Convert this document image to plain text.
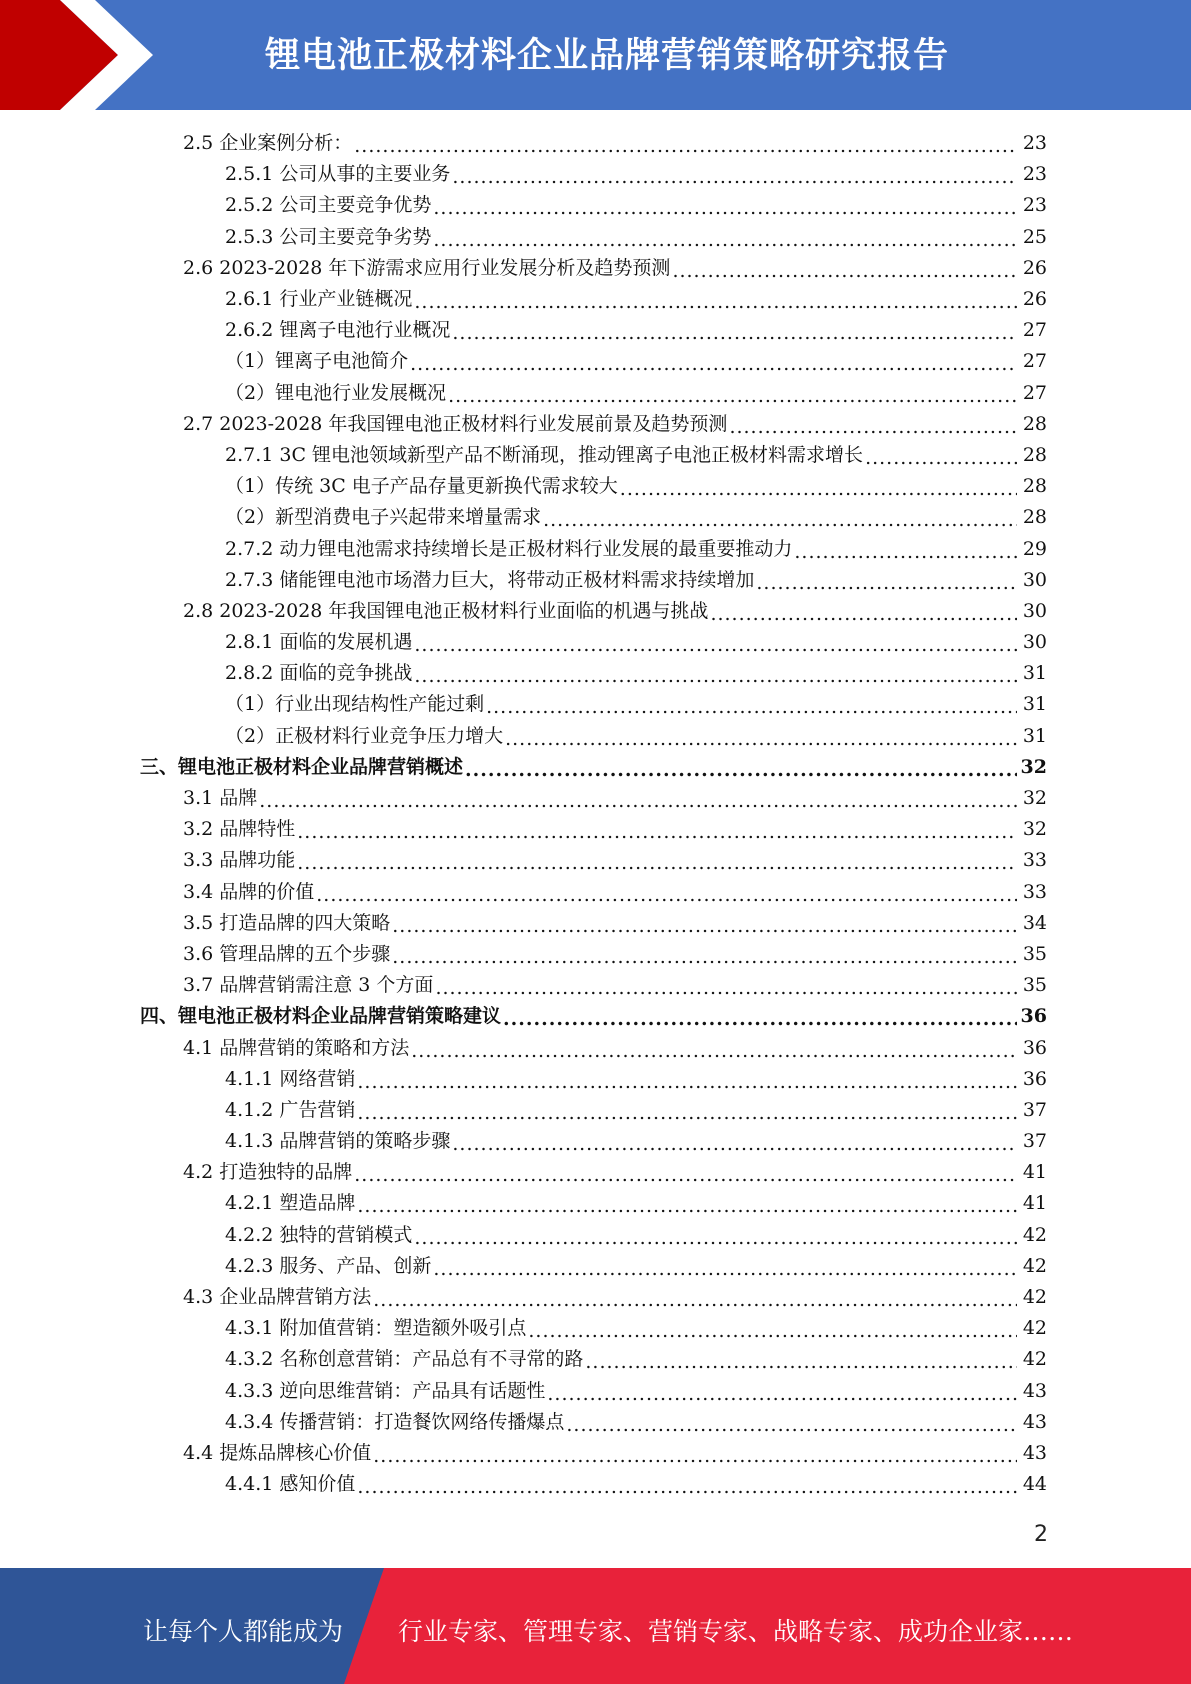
锂电池正极材料企业品牌营销策略研究报告
2.5 企业案例分析： .....	23
2.5.1 公司从事的主要业务 .....	23
2.5.2 公司主要竞争优势 .....	23
2.5.3 公司主要竞争劣势 .....	25
2.6 2023-2028 年下游需求应用行业发展分析及趋势预测 .....	26
2.6.1 行业产业链概况 .....	26
2.6.2 锂离子电池行业概况 .....	27
（1）锂离子电池简介 .....	27
（2）锂电池行业发展概况 .....	27
2.7 2023-2028 年我国锂电池正极材料行业发展前景及趋势预测 .....	28
2.7.1 3C 锂电池领域新型产品不断涌现，推动锂离子电池正极材料需求增长 .....	28
（1）传统 3C 电子产品存量更新换代需求较大 .....	28
（2）新型消费电子兴起带来增量需求 .....	28
2.7.2 动力锂电池需求持续增长是正极材料行业发展的最重要推动力 .....	29
2.7.3 储能锂电池市场潜力巨大，将带动正极材料需求持续增加 .....	30
2.8 2023-2028 年我国锂电池正极材料行业面临的机遇与挑战 .....	30
2.8.1 面临的发展机遇 .....	30
2.8.2 面临的竞争挑战 .....	31
（1）行业出现结构性产能过剩 .....	31
（2）正极材料行业竞争压力增大 .....	31
三、锂电池正极材料企业品牌营销概述 .....	32
3.1 品牌 .....	32
3.2 品牌特性 .....	32
3.3 品牌功能 .....	33
3.4 品牌的价值 .....	33
3.5 打造品牌的四大策略 .....	34
3.6 管理品牌的五个步骤 .....	35
3.7 品牌营销需注意 3 个方面 .....	35
四、锂电池正极材料企业品牌营销策略建议 .....	36
4.1 品牌营销的策略和方法 .....	36
4.1.1 网络营销 .....	36
4.1.2 广告营销 .....	37
4.1.3 品牌营销的策略步骤 .....	37
4.2 打造独特的品牌 .....	41
4.2.1 塑造品牌 .....	41
4.2.2 独特的营销模式 .....	42
4.2.3 服务、产品、创新 .....	42
4.3 企业品牌营销方法 .....	42
4.3.1 附加值营销：塑造额外吸引点 .....	42
4.3.2 名称创意营销：产品总有不寻常的路 .....	42
4.3.3 逆向思维营销：产品具有话题性 .....	43
4.3.4 传播营销：打造餐饮网络传播爆点 .....	43
4.4 提炼品牌核心价值 .....	43
4.4.1 感知价值 .....	44
2
让每个人都能成为 行业专家、管理专家、营销专家、战略专家、成功企业家……
